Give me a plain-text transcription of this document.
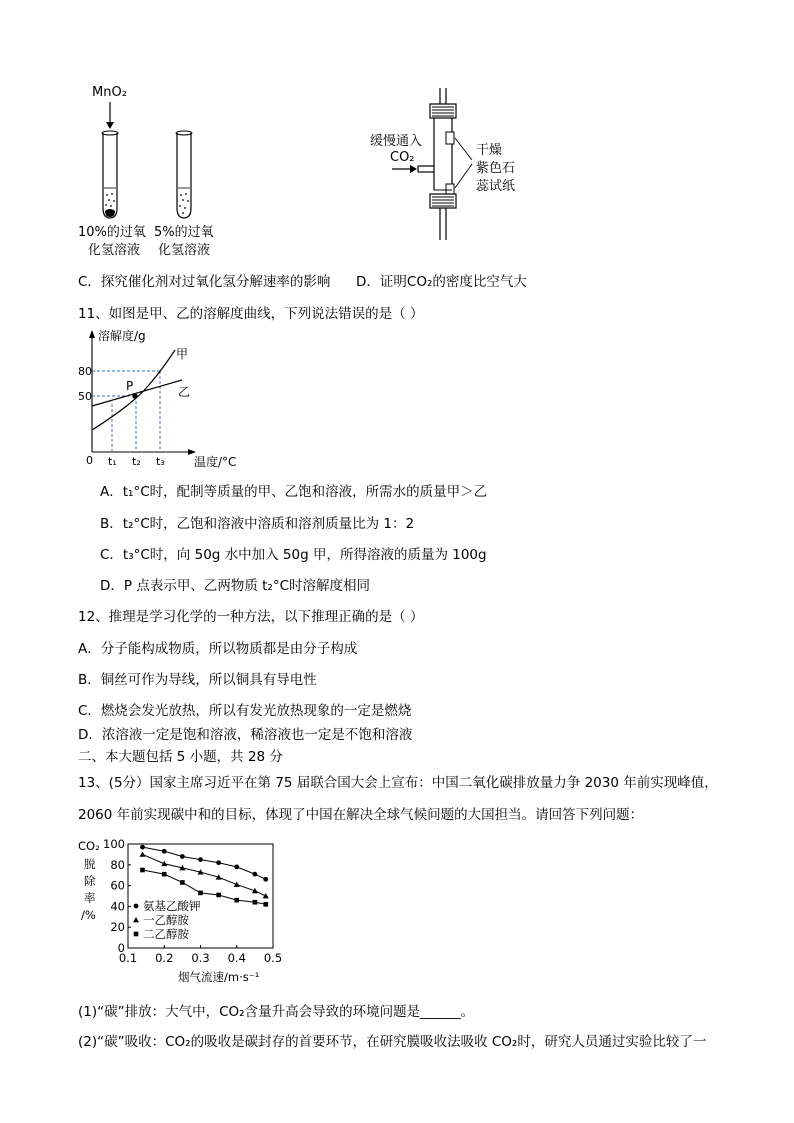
MnO₂
10%的过氧
化氢溶液
5%的过氧
化氢溶液
缓慢通入
CO₂	干燥
紫色石
蕊试纸
C．探究催化剂对过氧化氢分解速率的影响 D．证明CO₂的密度比空气大
11、如图是甲、乙的溶解度曲线，下列说法错误的是（ ）
溶解度/g
温度/°C
0
80
50
t₁ t₂ t₃
P
甲
乙
A．t₁°C时，配制等质量的甲、乙饱和溶液，所需水的质量甲＞乙
B．t₂°C时，乙饱和溶液中溶质和溶剂质量比为 1：2
C．t₃°C时，向 50g 水中加入 50g 甲，所得溶液的质量为 100g
D．P 点表示甲、乙两物质 t₂°C时溶解度相同
12、推理是学习化学的一种方法，以下推理正确的是（ ）
A．分子能构成物质，所以物质都是由分子构成
B．铜丝可作为导线，所以铜具有导电性
C．燃烧会发光放热，所以有发光放热现象的一定是燃烧
D．浓溶液一定是饱和溶液，稀溶液也一定是不饱和溶液
二、本大题包括 5 小题，共 28 分
13、(5分）国家主席习近平在第 75 届联合国大会上宣布：中国二氧化碳排放量力争 2030 年前实现峰值，
2060 年前实现碳中和的目标，体现了中国在解决全球气候问题的大国担当。请回答下列问题：
CO₂
脱
除
率
/%
0
20
40
60
80
100
0.1 0.2 0.3 0.4 0.5
氨基乙酸钾
一乙醇胺
二乙醇胺
烟气流速/m·s⁻¹
(1)“碳”排放：大气中，CO₂含量升高会导致的环境问题是______。
(2)“碳”吸收：CO₂的吸收是碳封存的首要环节，在研究膜吸收法吸收 CO₂时，研究人员通过实验比较了一
